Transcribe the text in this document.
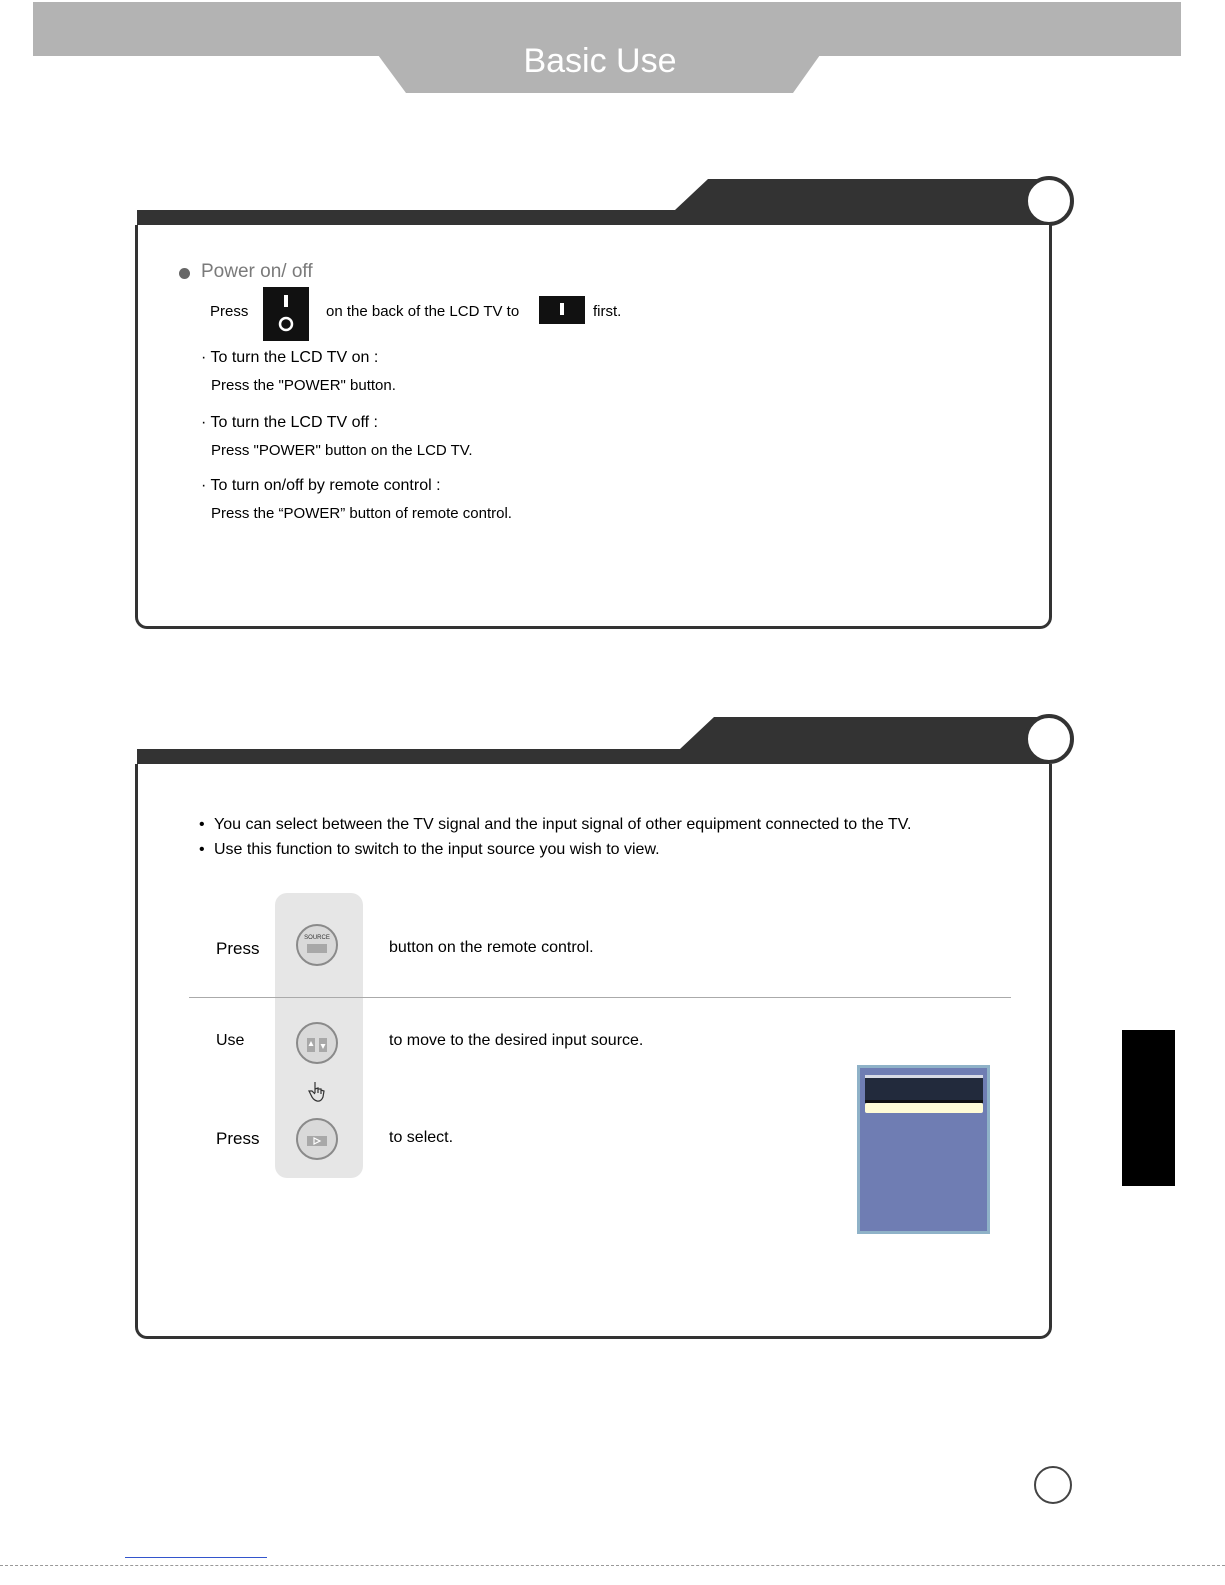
Basic Use
Power on/ off
Press	on the back of the LCD TV to	first.
· To turn the LCD TV on :
Press the "POWER" button.
· To turn the LCD TV off :
Press "POWER" button on the LCD TV.
· To turn on/off by remote control :
Press the “POWER” button of remote control.
• You can select between the TV signal and the input signal of other equipment connected to the TV.
• Use this function to switch to the input source you wish to view.
Press
SOURCE
button on the remote control.
Use	to move to the desired input source.
Press	to select.
